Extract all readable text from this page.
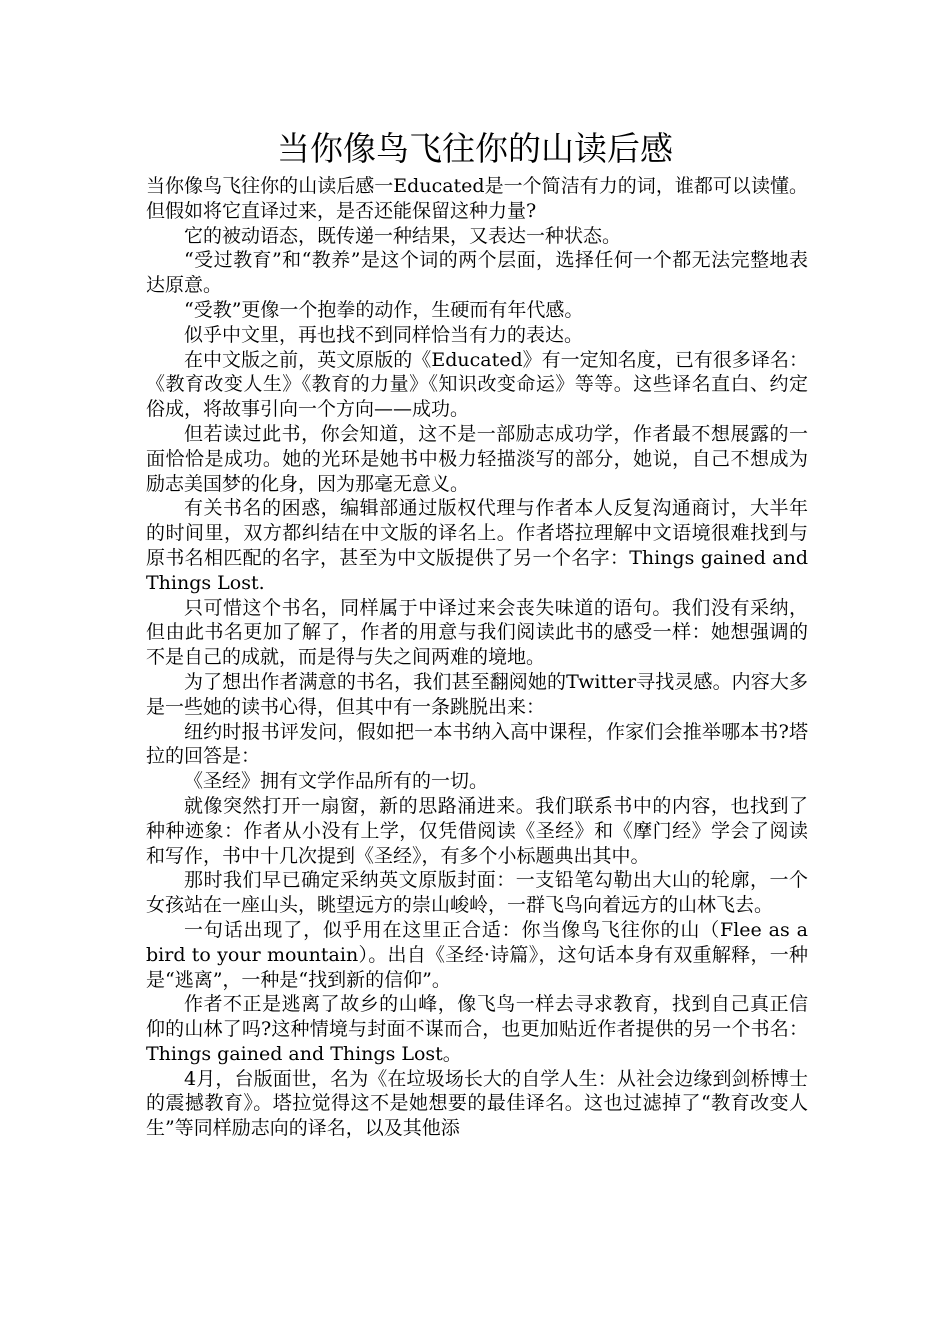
当你像鸟飞往你的山读后感

当你像鸟飞往你的山读后感一Educated是一个简洁有力的词，谁都可以读懂。但假如将它直译过来，是否还能保留这种力量?

它的被动语态，既传递一种结果，又表达一种状态。

“受过教育”和“教养”是这个词的两个层面，选择任何一个都无法完整地表达原意。

“受教”更像一个抱拳的动作，生硬而有年代感。

似乎中文里，再也找不到同样恰当有力的表达。

在中文版之前，英文原版的《Educated》有一定知名度，已有很多译名：《教育改变人生》《教育的力量》《知识改变命运》等等。这些译名直白、约定俗成，将故事引向一个方向——成功。

但若读过此书，你会知道，这不是一部励志成功学，作者最不想展露的一面恰恰是成功。她的光环是她书中极力轻描淡写的部分，她说，自己不想成为励志美国梦的化身，因为那毫无意义。

有关书名的困惑，编辑部通过版权代理与作者本人反复沟通商讨，大半年的时间里，双方都纠结在中文版的译名上。作者塔拉理解中文语境很难找到与原书名相匹配的名字，甚至为中文版提供了另一个名字：Things gained and Things Lost.

只可惜这个书名，同样属于中译过来会丧失味道的语句。我们没有采纳，但由此书名更加了解了，作者的用意与我们阅读此书的感受一样：她想强调的不是自己的成就，而是得与失之间两难的境地。

为了想出作者满意的书名，我们甚至翻阅她的Twitter寻找灵感。内容大多是一些她的读书心得，但其中有一条跳脱出来：

纽约时报书评发问，假如把一本书纳入高中课程，作家们会推举哪本书?塔拉的回答是：

《圣经》拥有文学作品所有的一切。

就像突然打开一扇窗，新的思路涌进来。我们联系书中的内容，也找到了种种迹象：作者从小没有上学，仅凭借阅读《圣经》和《摩门经》学会了阅读和写作，书中十几次提到《圣经》，有多个小标题典出其中。

那时我们早已确定采纳英文原版封面：一支铅笔勾勒出大山的轮廓，一个女孩站在一座山头，眺望远方的崇山峻岭，一群飞鸟向着远方的山林飞去。

一句话出现了，似乎用在这里正合适：你当像鸟飞往你的山（Flee as a bird to your mountain）。出自《圣经·诗篇》，这句话本身有双重解释，一种是“逃离”，一种是“找到新的信仰”。

作者不正是逃离了故乡的山峰，像飞鸟一样去寻求教育，找到自己真正信仰的山林了吗?这种情境与封面不谋而合，也更加贴近作者提供的另一个书名：Things gained and Things Lost。

4月，台版面世，名为《在垃圾场长大的自学人生：从社会边缘到剑桥博士的震撼教育》。塔拉觉得这不是她想要的最佳译名。这也过滤掉了“教育改变人生”等同样励志向的译名，以及其他添
